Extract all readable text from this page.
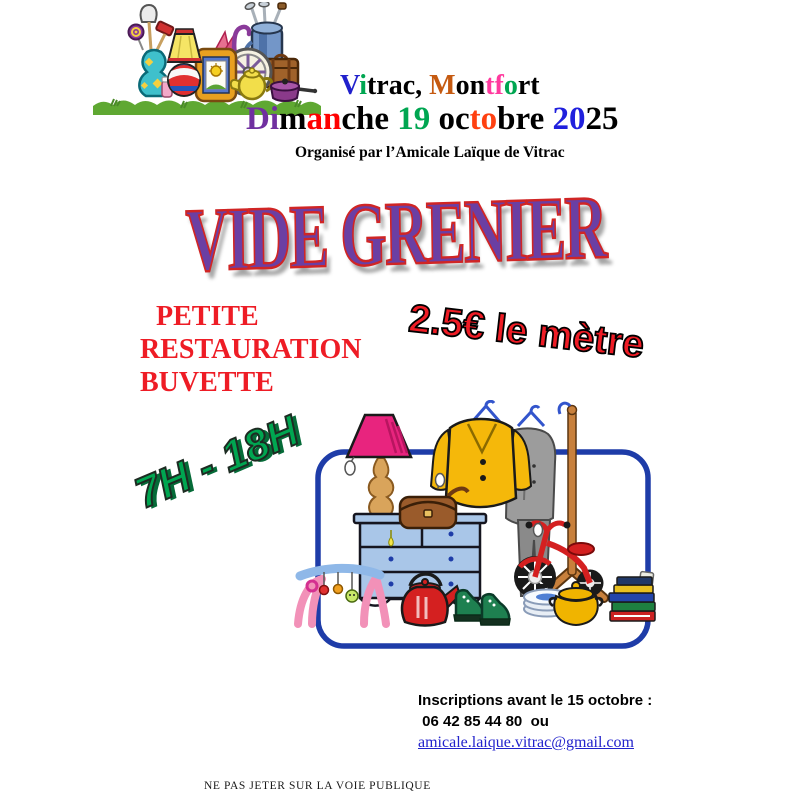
Vitrac, Montfort
Dimanche 19 octobre 2025
Organisé par l’Amicale Laïque de Vitrac
VIDE GRENIER
PETITE
RESTAURATION
BUVETTE
2.5€ le mètre
7H - 18H
Inscriptions avant le 15 octobre :
06 42 85 44 80  ou
amicale.laique.vitrac@gmail.com
NE PAS JETER SUR LA VOIE PUBLIQUE
